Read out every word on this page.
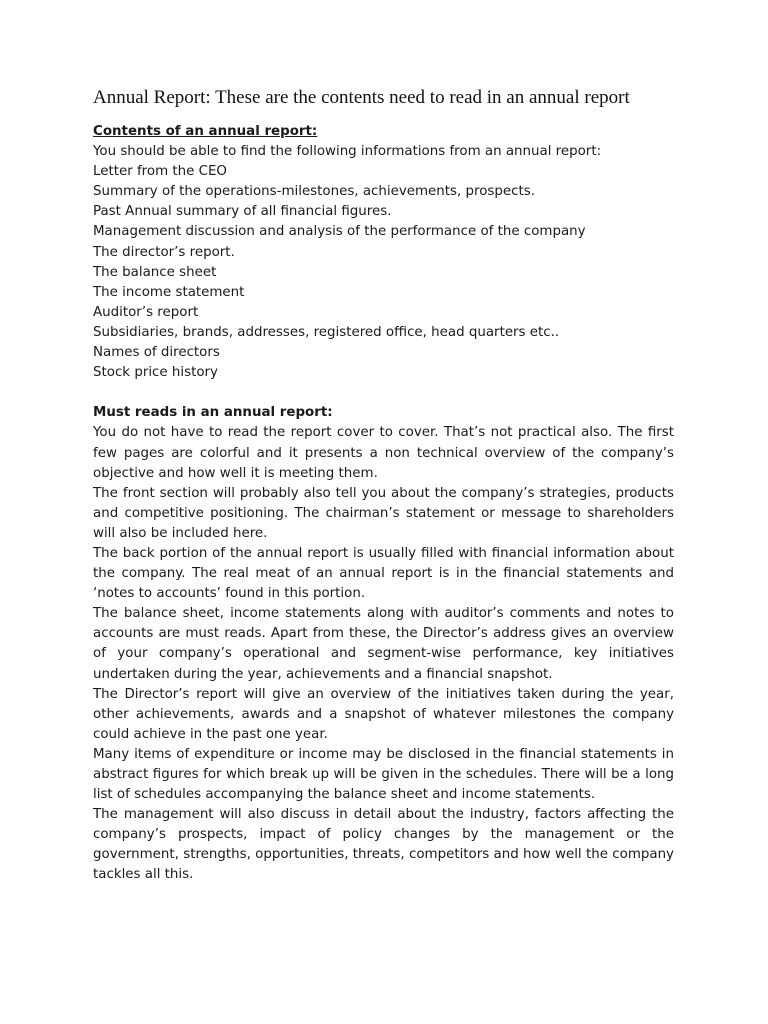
Annual Report: These are the contents need to read in an annual report
Contents of an annual report:
You should be able to find the following informations from an annual report:
Letter from the CEO
Summary of the operations-milestones, achievements, prospects.
Past Annual summary of all financial figures.
Management discussion and analysis of the performance of the company
The director’s report.
The balance sheet
The income statement
Auditor’s report
Subsidiaries, brands, addresses, registered office, head quarters etc..
Names of directors
Stock price history
Must reads in an annual report:

You do not have to read the report cover to cover. That’s not practical also. The first few pages are colorful and it presents a non technical overview of the company’s objective and how well it is meeting them.

The front section will probably also tell you about the company’s strategies, products and competitive positioning. The chairman’s statement or message to shareholders will also be included here.

The back portion of the annual report is usually filled with financial information about the company. The real meat of an annual report is in the financial statements and ‘notes to accounts’ found in this portion.

The balance sheet, income statements along with auditor’s comments and notes to accounts are must reads. Apart from these, the Director’s address gives an overview of your company’s operational and segment-wise performance, key initiatives undertaken during the year, achievements and a financial snapshot.

The Director’s report will give an overview of the initiatives taken during the year, other achievements, awards and a snapshot of whatever milestones the company could achieve in the past one year.

Many items of expenditure or income may be disclosed in the financial statements in abstract figures for which break up will be given in the schedules. There will be a long list of schedules accompanying the balance sheet and income statements.

The management will also discuss in detail about the industry, factors affecting the company’s prospects, impact of policy changes by the management or the government, strengths, opportunities, threats, competitors and how well the company tackles all this.
